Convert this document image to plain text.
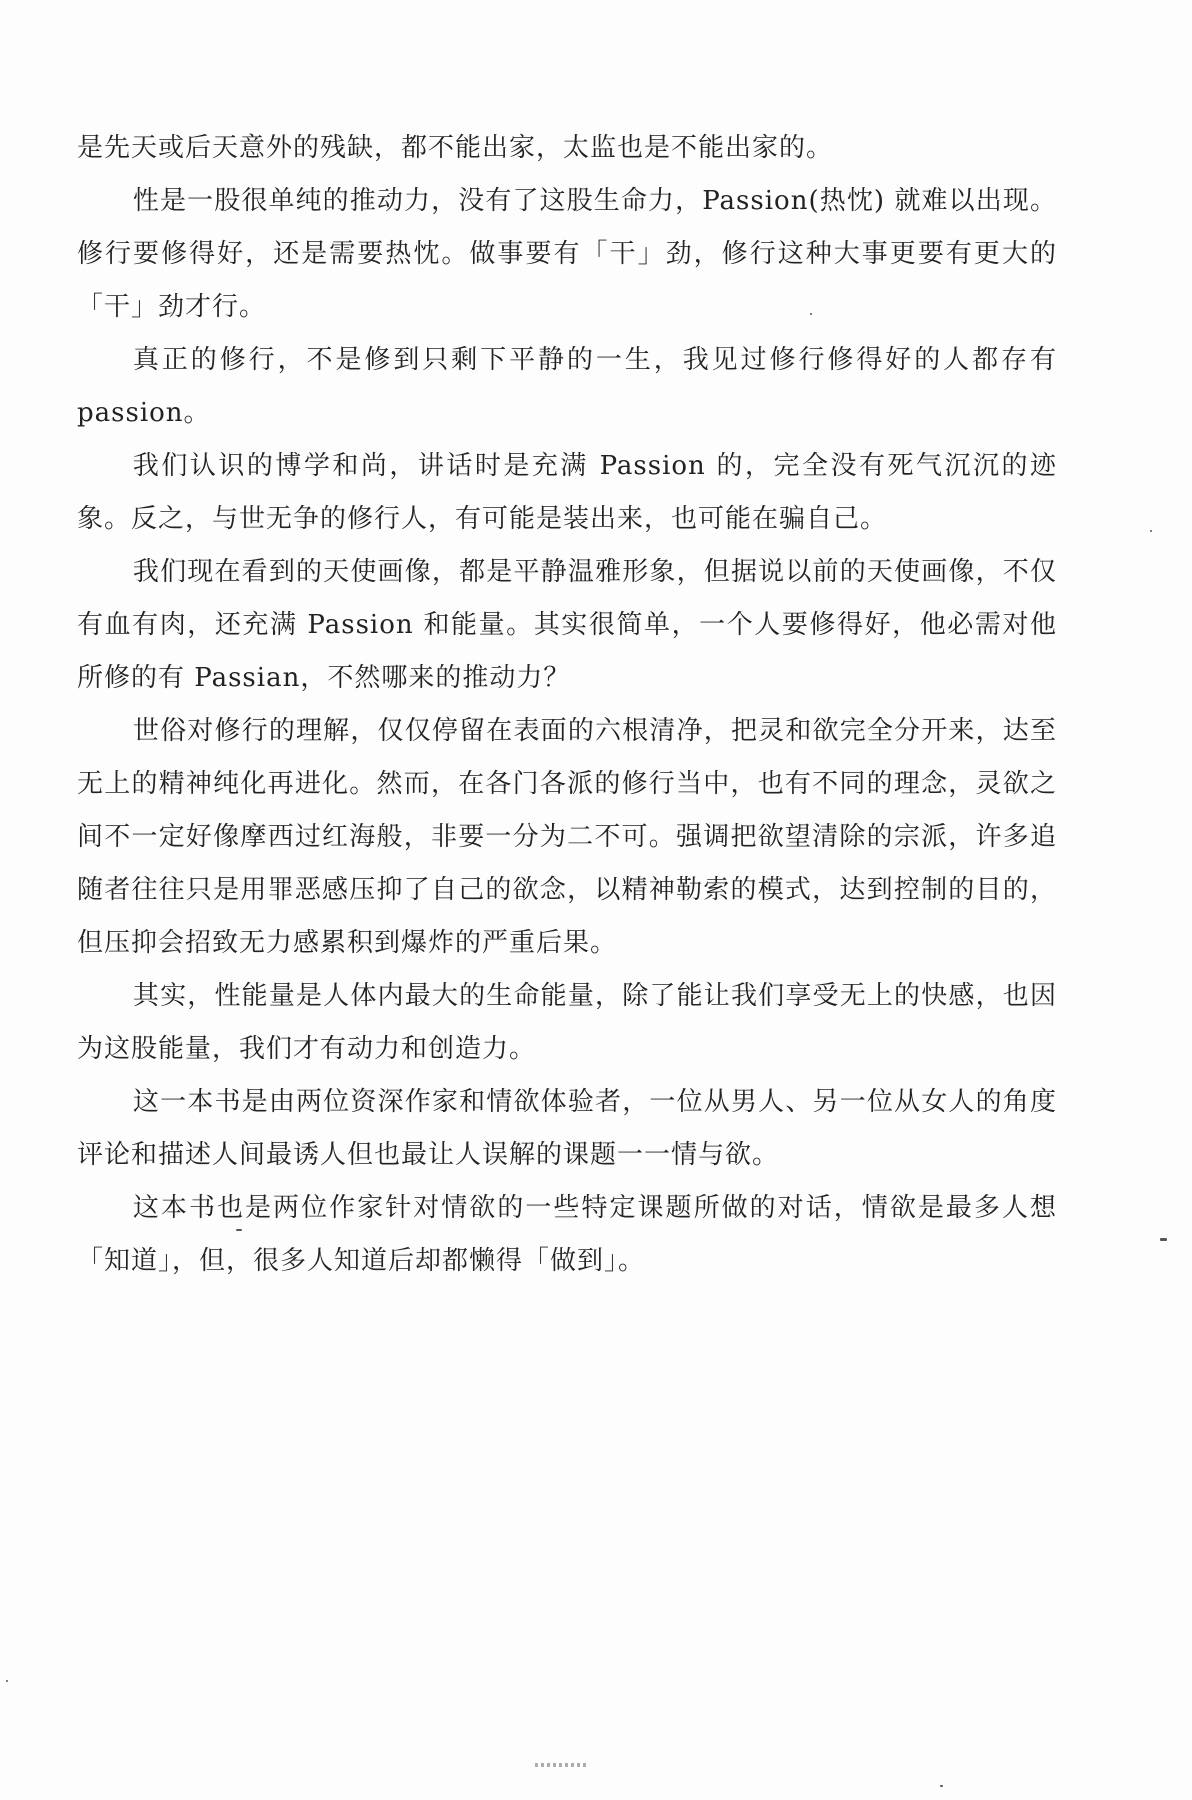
是先天或后天意外的残缺，都不能出家，太监也是不能出家的。

性是一股很单纯的推动力，没有了这股生命力，Passion(热忱) 就难以出现。修行要修得好，还是需要热忱。做事要有「干」劲，修行这种大事更要有更大的「干」劲才行。

真正的修行，不是修到只剩下平静的一生，我见过修行修得好的人都存有 passion。

我们认识的博学和尚，讲话时是充满 Passion 的，完全没有死气沉沉的迹象。反之，与世无争的修行人，有可能是装出来，也可能在骗自己。

我们现在看到的天使画像，都是平静温雅形象，但据说以前的天使画像，不仅有血有肉，还充满 Passion 和能量。其实很简单，一个人要修得好，他必需对他所修的有 Passian，不然哪来的推动力？

世俗对修行的理解，仅仅停留在表面的六根清净，把灵和欲完全分开来，达至无上的精神纯化再进化。然而，在各门各派的修行当中，也有不同的理念，灵欲之间不一定好像摩西过红海般，非要一分为二不可。强调把欲望清除的宗派，许多追随者往往只是用罪恶感压抑了自己的欲念，以精神勒索的模式，达到控制的目的，但压抑会招致无力感累积到爆炸的严重后果。

其实，性能量是人体内最大的生命能量，除了能让我们享受无上的快感，也因为这股能量，我们才有动力和创造力。

这一本书是由两位资深作家和情欲体验者，一位从男人、另一位从女人的角度评论和描述人间最诱人但也最让人误解的课题一一情与欲。

这本书也是两位作家针对情欲的一些特定课题所做的对话，情欲是最多人想「知道」，但，很多人知道后却都懒得「做到」。
